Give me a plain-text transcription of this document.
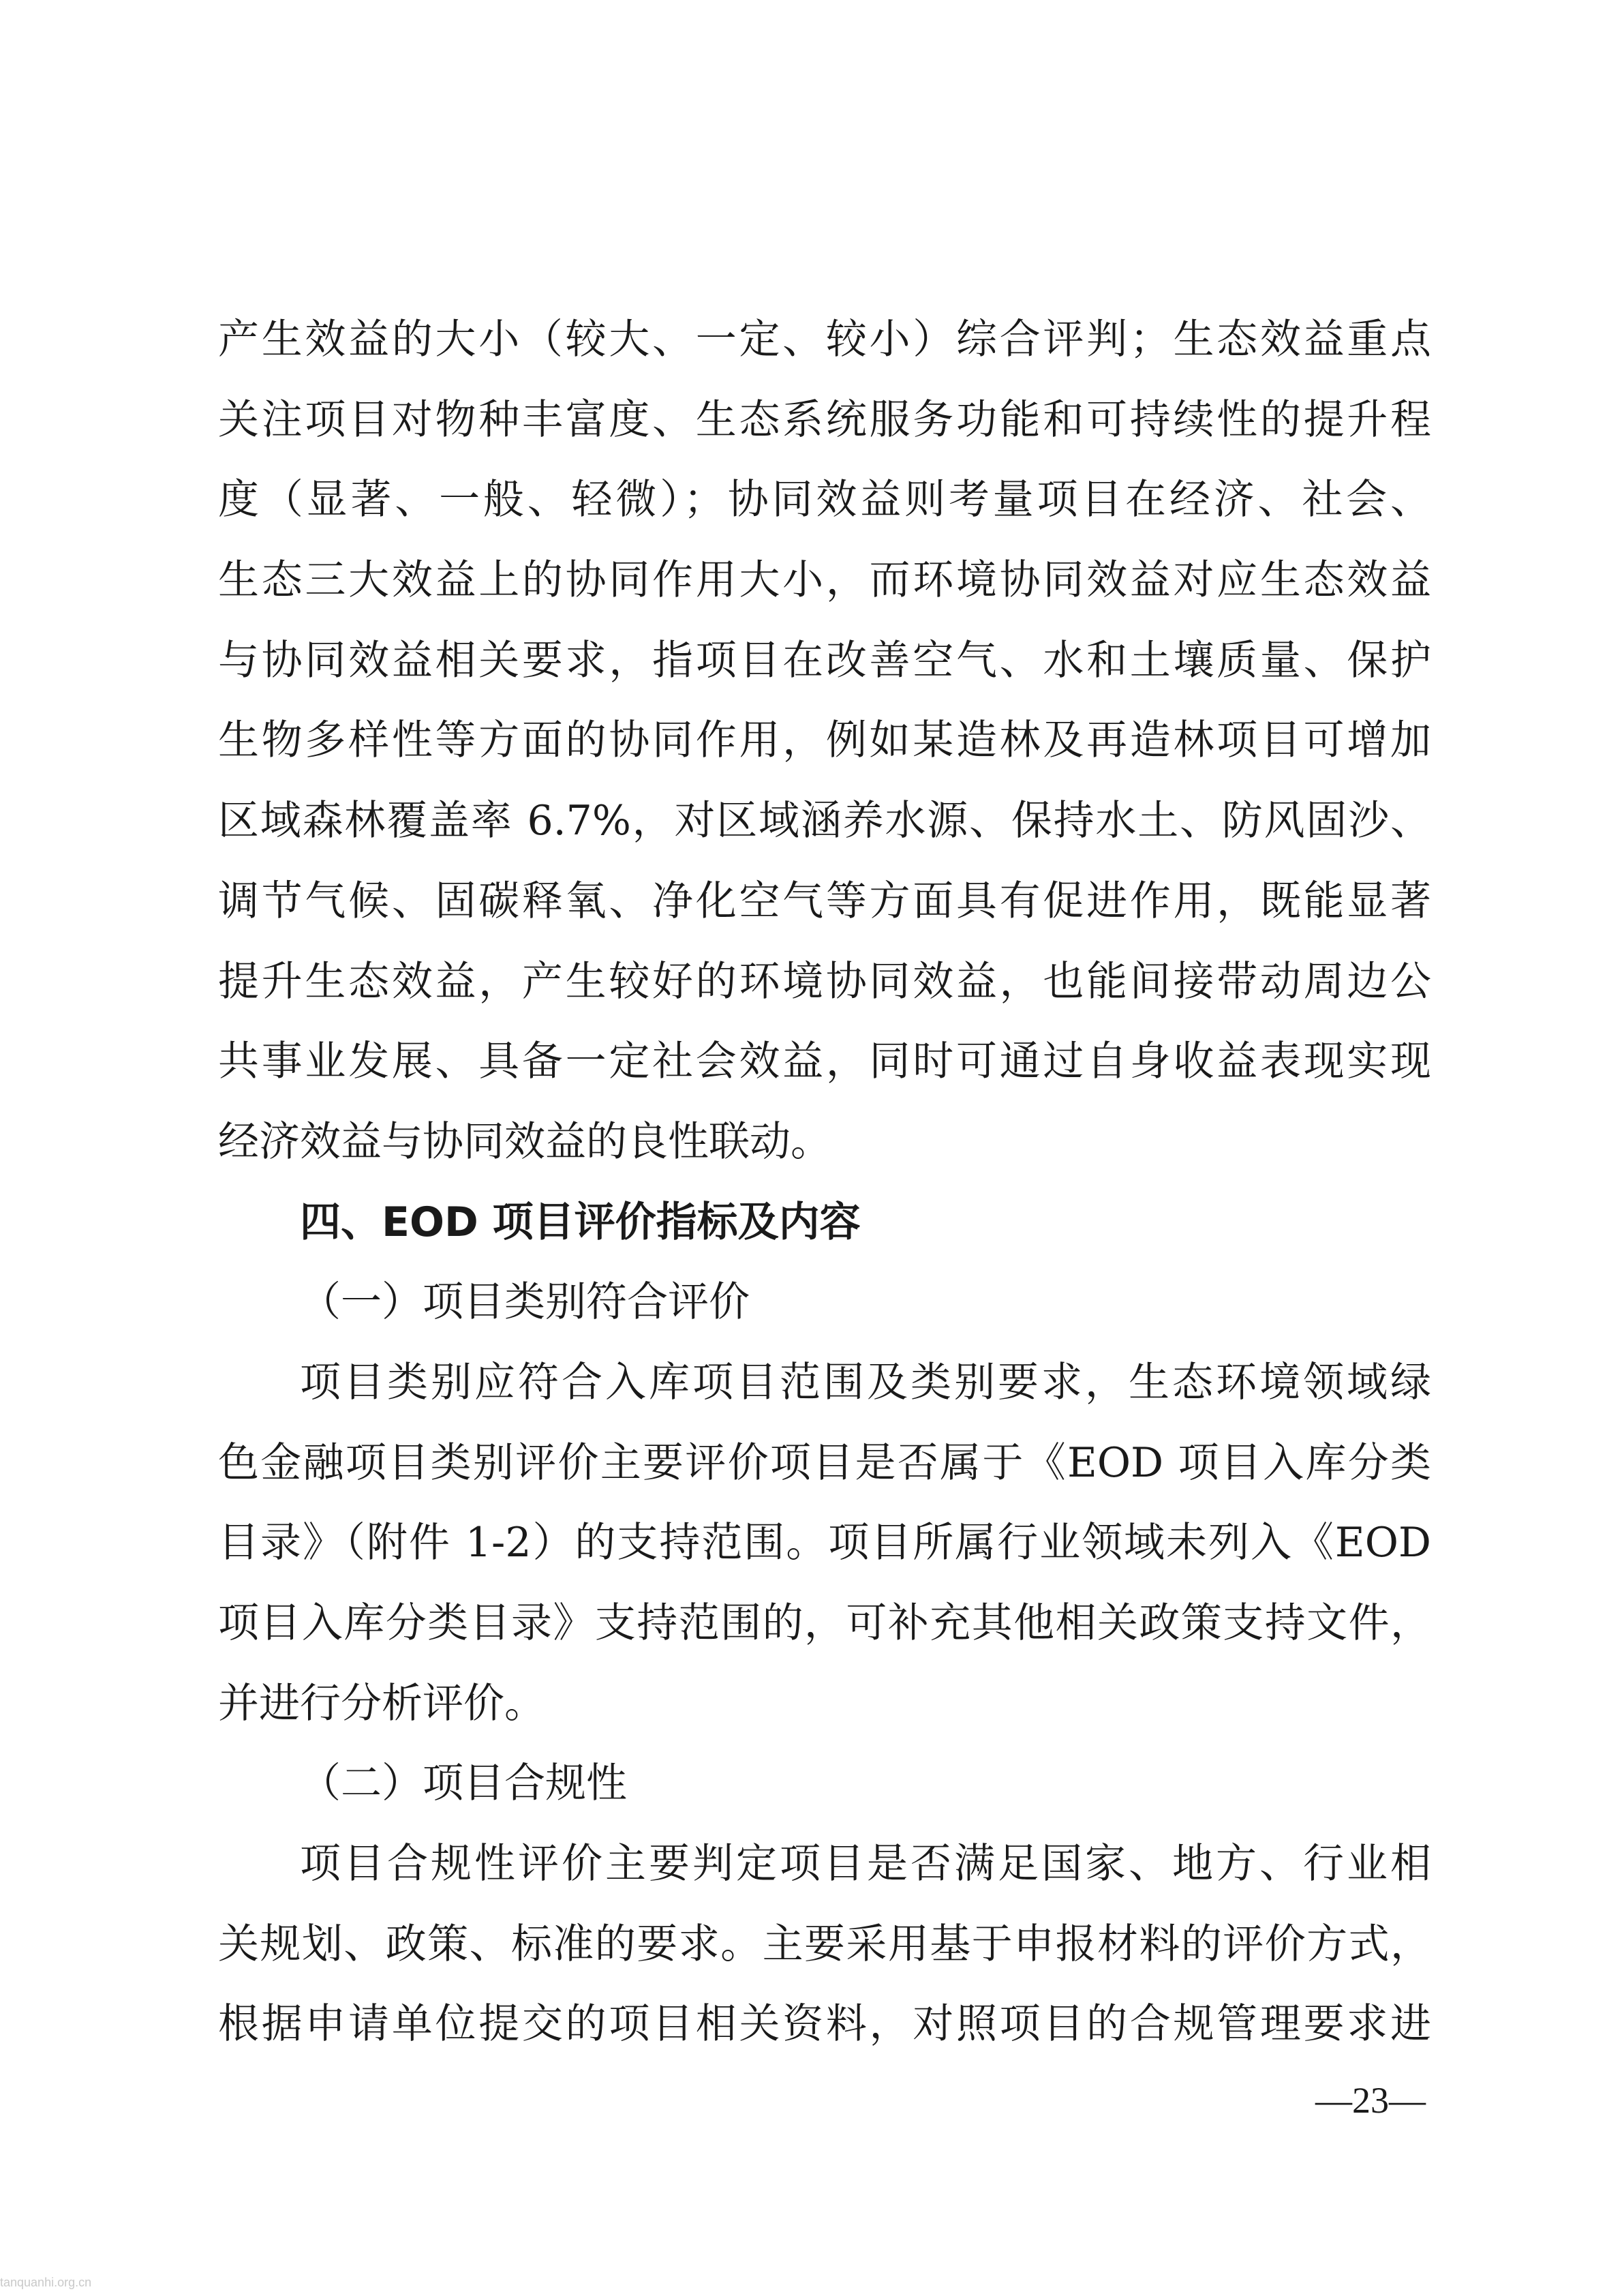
产生效益的大小（较大、一定、较小）综合评判；生态效益重点
关注项目对物种丰富度、生态系统服务功能和可持续性的提升程
度（显著、一般、轻微）；协同效益则考量项目在经济、社会、
生态三大效益上的协同作用大小，而环境协同效益对应生态效益
与协同效益相关要求，指项目在改善空气、水和土壤质量、保护
生物多样性等方面的协同作用，例如某造林及再造林项目可增加
区域森林覆盖率 6.7%，对区域涵养水源、保持水土、防风固沙、
调节气候、固碳释氧、净化空气等方面具有促进作用，既能显著
提升生态效益，产生较好的环境协同效益，也能间接带动周边公
共事业发展、具备一定社会效益，同时可通过自身收益表现实现
经济效益与协同效益的良性联动。
四、EOD 项目评价指标及内容
（一）项目类别符合评价
项目类别应符合入库项目范围及类别要求，生态环境领域绿
色金融项目类别评价主要评价项目是否属于《EOD 项目入库分类
目录》（附件 1-2）的支持范围。项目所属行业领域未列入《EOD
项目入库分类目录》支持范围的，可补充其他相关政策支持文件，
并进行分析评价。
（二）项目合规性
项目合规性评价主要判定项目是否满足国家、地方、行业相
关规划、政策、标准的要求。主要采用基于申报材料的评价方式，
根据申请单位提交的项目相关资料，对照项目的合规管理要求进
—23—
tanquanhi.org.cn
